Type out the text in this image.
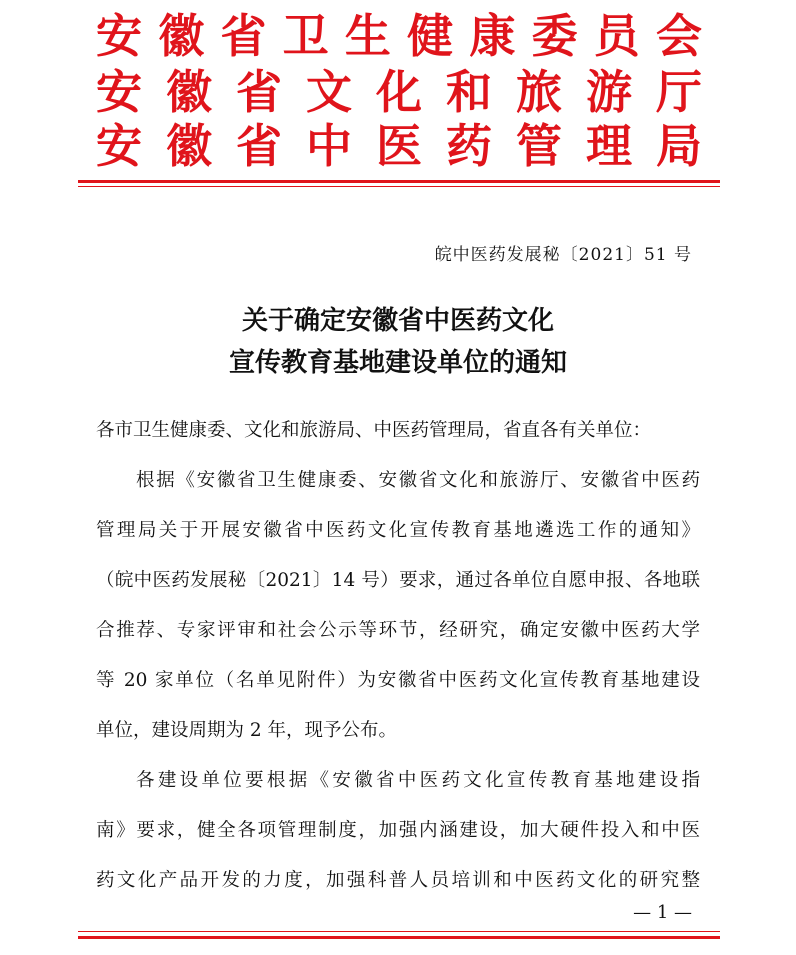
安 徽 省 卫 生 健 康 委 员 会
安 徽 省 文 化 和 旅 游 厅
安 徽 省 中 医 药 管 理 局
皖中医药发展秘〔2021〕51 号
关于确定安徽省中医药文化
宣传教育基地建设单位的通知
各市卫生健康委、文化和旅游局、中医药管理局，省直各有关单位：
根据《安徽省卫生健康委、安徽省文化和旅游厅、安徽省中医药
管理局关于开展安徽省中医药文化宣传教育基地遴选工作的通知》
（皖中医药发展秘〔2021〕14 号）要求，通过各单位自愿申报、各地联
合推荐、专家评审和社会公示等环节，经研究，确定安徽中医药大学
等 20 家单位（名单见附件）为安徽省中医药文化宣传教育基地建设
单位，建设周期为 2 年，现予公布。
各建设单位要根据《安徽省中医药文化宣传教育基地建设指
南》要求，健全各项管理制度，加强内涵建设，加大硬件投入和中医
药文化产品开发的力度，加强科普人员培训和中医药文化的研究整
— 1 —
